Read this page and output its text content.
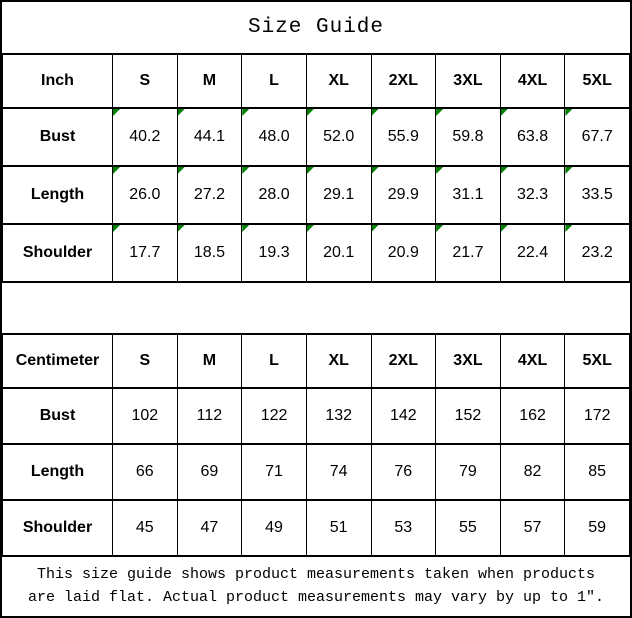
Size Guide
Inch	S	M	L	XL	2XL	3XL	4XL	5XL
Bust	40.2	44.1	48.0	52.0	55.9	59.8	63.8	67.7
Length	26.0	27.2	28.0	29.1	29.9	31.1	32.3	33.5
Shoulder	17.7	18.5	19.3	20.1	20.9	21.7	22.4	23.2
Centimeter	S	M	L	XL	2XL	3XL	4XL	5XL
Bust	102	112	122	132	142	152	162	172
Length	66	69	71	74	76	79	82	85
Shoulder	45	47	49	51	53	55	57	59
This size guide shows product measurements taken when products
are laid flat. Actual product measurements may vary by up to 1″.
